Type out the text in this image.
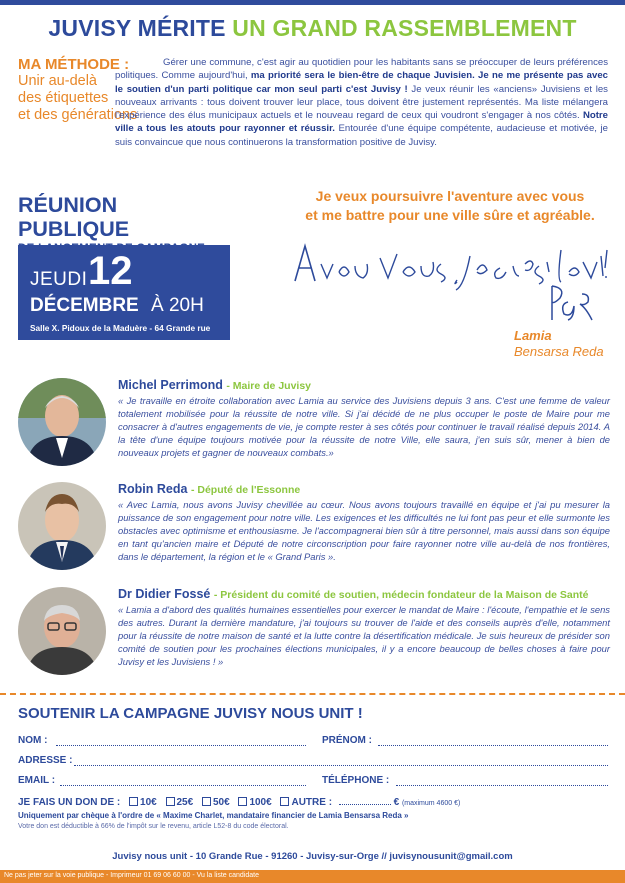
JUVISY MÉRITE UN GRAND RASSEMBLEMENT
MA MÉTHODE :
Unir au-delà
des étiquettes
et des générations

Gérer une commune, c'est agir au quotidien pour les habitants sans se préoccuper de leurs préférences politiques. Comme aujourd'hui, ma priorité sera le bien-être de chaque Juvisien. Je ne me présente pas avec le soutien d'un parti politique car mon seul parti c'est Juvisy ! Je veux réunir les «anciens» Juvisiens et les nouveaux arrivants : tous doivent trouver leur place, tous doivent être justement représentés. Ma liste mélangera l'expérience des élus municipaux actuels et le nouveau regard de ceux qui voudront s'engager à nos côtés. Notre ville a tous les atouts pour rayonner et réussir. Entourée d'une équipe compétente, audacieuse et motivée, je suis convaincue que nous continuerons la transformation positive de Juvisy.

RÉUNION PUBLIQUE
JEUDI 12
DÉCEMBRE À 20H
Salle X. Pidoux de la Maduère - 64 Grande rue
Je veux poursuivre l'aventure avec vous
et me battre pour une ville sûre et agréable.
Lamia
Bensarsa Reda
Michel Perrimond - Maire de Juvisy

« Je travaille en étroite collaboration avec Lamia au service des Juvisiens depuis 3 ans. C'est une femme de valeur totalement mobilisée pour la réussite de notre ville. Si j'ai décidé de ne plus occuper le poste de Maire pour me consacrer à d'autres engagements de vie, je compte rester à ses côtés pour continuer le travail réalisé depuis 2014. A la tête d'une équipe toujours motivée pour la réussite de notre Ville, elle saura, j'en suis sûr, mener à bien de nouveaux projets et gagner de nouveaux combats.»

Robin Reda - Député de l'Essonne

« Avec Lamia, nous avons Juvisy chevillée au cœur. Nous avons toujours travaillé en équipe et j'ai pu mesurer la puissance de son engagement pour notre ville. Les exigences et les difficultés ne lui font pas peur et elle surmonte les obstacles avec optimisme et enthousiasme. Je l'accompagnerai bien sûr à titre personnel, mais aussi dans son équipe en tant qu'ancien maire et Député de notre circonscription pour faire rayonner notre ville au-delà de nos frontières, dans le département, la région et le « Grand Paris ».

Dr Didier Fossé - Président du comité de soutien, médecin fondateur de la Maison de Santé

« Lamia a d'abord des qualités humaines essentielles pour exercer le mandat de Maire : l'écoute, l'empathie et le sens des autres. Durant la dernière mandature, j'ai toujours su trouver de l'aide et des conseils auprès d'elle, notamment pour la réussite de notre maison de santé et la lutte contre la désertification médicale. Je suis heureux de présider son comité de soutien pour les prochaines élections municipales, il y a encore beaucoup de belles choses à faire pour Juvisy et les Juvisiens ! »

SOUTENIR LA CAMPAGNE JUVISY NOUS UNIT !
NOM :	PRÉNOM :
ADRESSE :
EMAIL :	TÉLÉPHONE :
JE FAIS UN DON DE : 10€ 25€ 50€ 100€ AUTRE :	€ (maximum 4600 €)
Uniquement par chèque à l'ordre de « Maxime Charlet, mandataire financier de Lamia Bensarsa Reda »
Votre don est déductible à 66% de l'impôt sur le revenu, article L52-8 du code électoral.
Juvisy nous unit - 10 Grande Rue - 91260 - Juvisy-sur-Orge // juvisynousunit@gmail.com
Ne pas jeter sur la voie publique - Imprimeur 01 69 06 60 00 - Vu la liste candidate
